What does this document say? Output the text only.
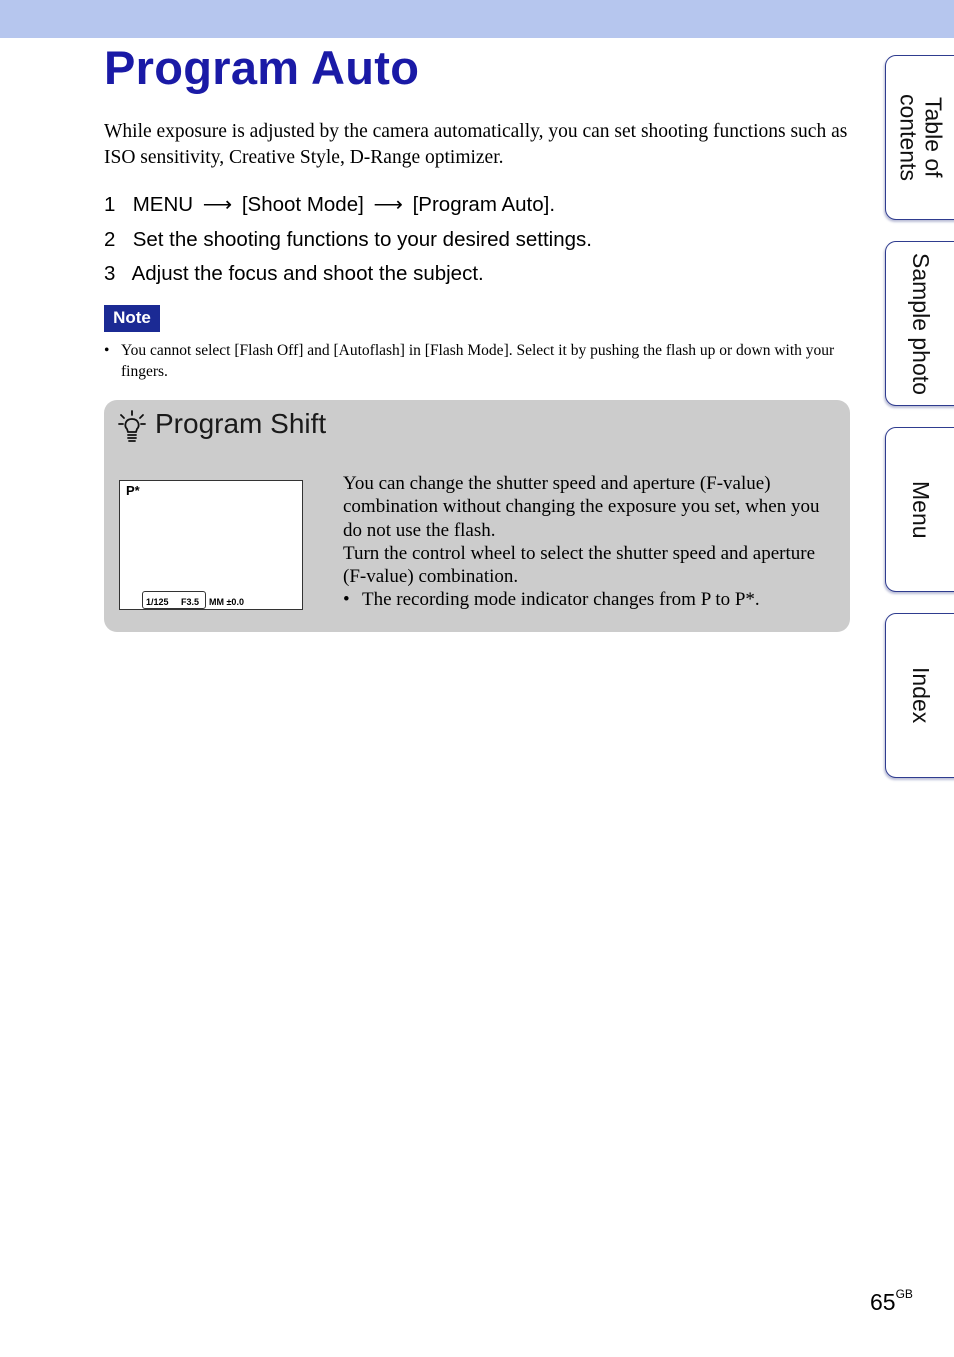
Program Auto

While exposure is adjusted by the camera automatically, you can set shooting functions such as ISO sensitivity, Creative Style, D-Range optimizer.

1 MENU ⟶ [Shoot Mode] ⟶ [Program Auto].
2 Set the shooting functions to your desired settings.
3 Adjust the focus and shoot the subject.
Note

• You cannot select [Flash Off] and [Autoflash] in [Flash Mode]. Select it by pushing the flash up or down with your fingers.

Program Shift
P*
1/125 F3.5 MM ±0.0

You can change the shutter speed and aperture (F-value) combination without changing the exposure you set, when you do not use the flash.

Turn the control wheel to select the shutter speed and aperture (F-value) combination.

• The recording mode indicator changes from P to P*.

Table of contents
Sample photo
Menu
Index
$65^{GB}$
